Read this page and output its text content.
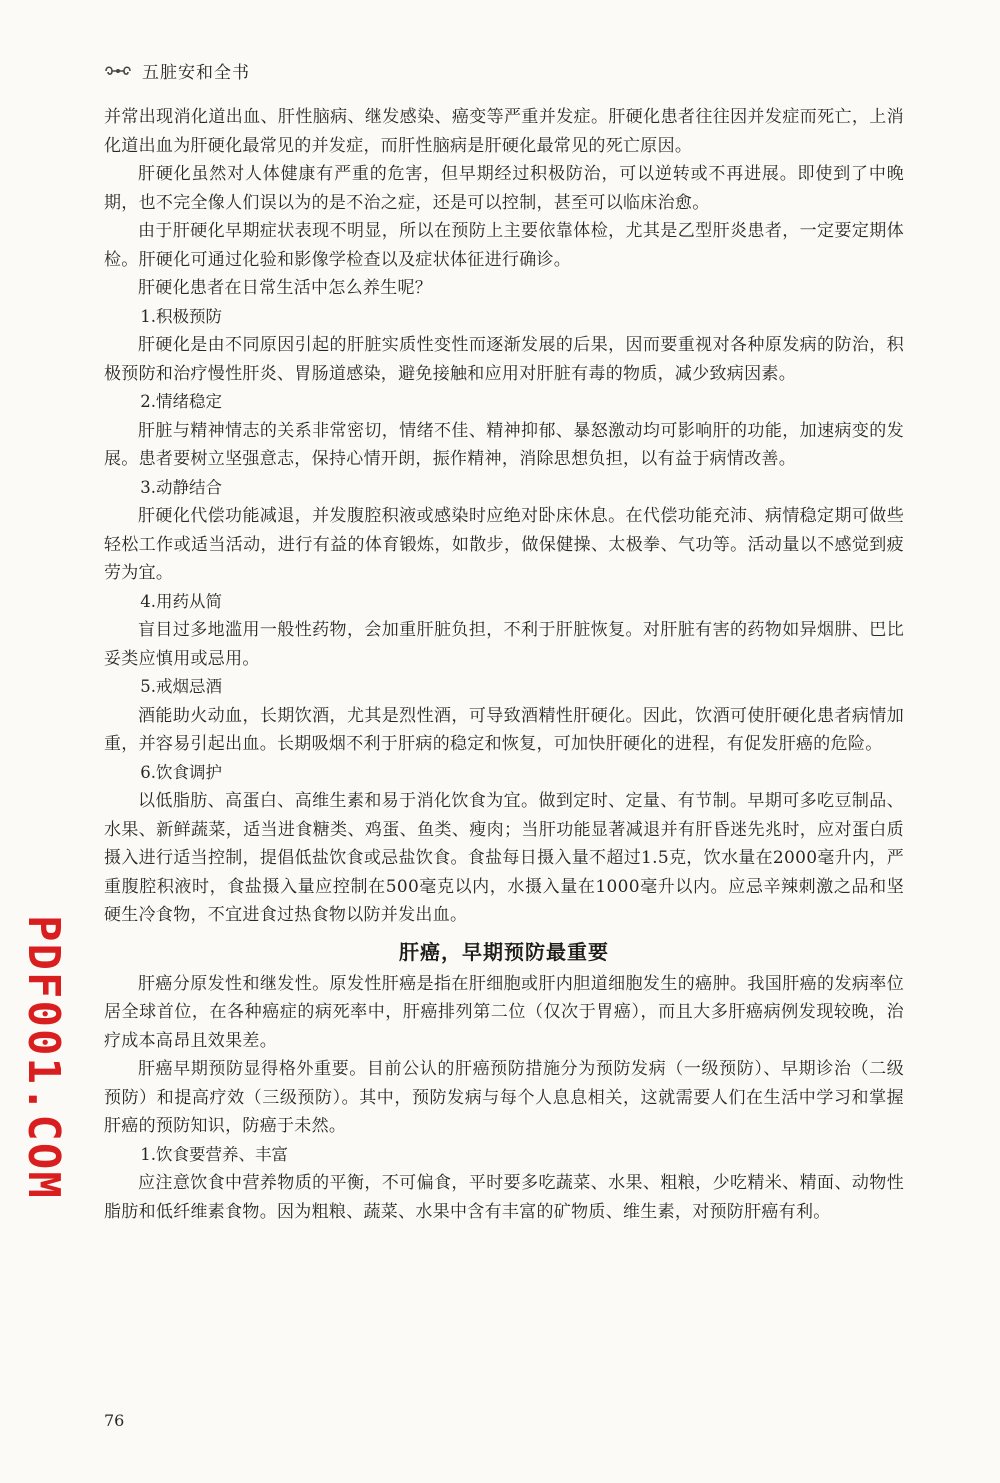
五脏安和全书

并常出现消化道出血、肝性脑病、继发感染、癌变等严重并发症。肝硬化患者往往因并发症而死亡，上消化道出血为肝硬化最常见的并发症，而肝性脑病是肝硬化最常见的死亡原因。

肝硬化虽然对人体健康有严重的危害，但早期经过积极防治，可以逆转或不再进展。即使到了中晚期，也不完全像人们误以为的是不治之症，还是可以控制，甚至可以临床治愈。

由于肝硬化早期症状表现不明显，所以在预防上主要依靠体检，尤其是乙型肝炎患者，一定要定期体检。肝硬化可通过化验和影像学检查以及症状体征进行确诊。

肝硬化患者在日常生活中怎么养生呢？

1.积极预防

肝硬化是由不同原因引起的肝脏实质性变性而逐渐发展的后果，因而要重视对各种原发病的防治，积极预防和治疗慢性肝炎、胃肠道感染，避免接触和应用对肝脏有毒的物质，减少致病因素。

2.情绪稳定

肝脏与精神情志的关系非常密切，情绪不佳、精神抑郁、暴怒激动均可影响肝的功能，加速病变的发展。患者要树立坚强意志，保持心情开朗，振作精神，消除思想负担，以有益于病情改善。

3.动静结合

肝硬化代偿功能减退，并发腹腔积液或感染时应绝对卧床休息。在代偿功能充沛、病情稳定期可做些轻松工作或适当活动，进行有益的体育锻炼，如散步，做保健操、太极拳、气功等。活动量以不感觉到疲劳为宜。

4.用药从简

盲目过多地滥用一般性药物，会加重肝脏负担，不利于肝脏恢复。对肝脏有害的药物如异烟肼、巴比妥类应慎用或忌用。

5.戒烟忌酒

酒能助火动血，长期饮酒，尤其是烈性酒，可导致酒精性肝硬化。因此，饮酒可使肝硬化患者病情加重，并容易引起出血。长期吸烟不利于肝病的稳定和恢复，可加快肝硬化的进程，有促发肝癌的危险。

6.饮食调护

以低脂肪、高蛋白、高维生素和易于消化饮食为宜。做到定时、定量、有节制。早期可多吃豆制品、水果、新鲜蔬菜，适当进食糖类、鸡蛋、鱼类、瘦肉；当肝功能显著减退并有肝昏迷先兆时，应对蛋白质摄入进行适当控制，提倡低盐饮食或忌盐饮食。食盐每日摄入量不超过1.5克，饮水量在2000毫升内，严重腹腔积液时，食盐摄入量应控制在500毫克以内，水摄入量在1000毫升以内。应忌辛辣刺激之品和坚硬生冷食物，不宜进食过热食物以防并发出血。

肝癌，早期预防最重要

肝癌分原发性和继发性。原发性肝癌是指在肝细胞或肝内胆道细胞发生的癌肿。我国肝癌的发病率位居全球首位，在各种癌症的病死率中，肝癌排列第二位（仅次于胃癌），而且大多肝癌病例发现较晚，治疗成本高昂且效果差。

肝癌早期预防显得格外重要。目前公认的肝癌预防措施分为预防发病（一级预防）、早期诊治（二级预防）和提高疗效（三级预防）。其中，预防发病与每个人息息相关，这就需要人们在生活中学习和掌握肝癌的预防知识，防癌于未然。

1.饮食要营养、丰富

应注意饮食中营养物质的平衡，不可偏食，平时要多吃蔬菜、水果、粗粮，少吃精米、精面、动物性脂肪和低纤维素食物。因为粗粮、蔬菜、水果中含有丰富的矿物质、维生素，对预防肝癌有利。

PDF001.COM
76
